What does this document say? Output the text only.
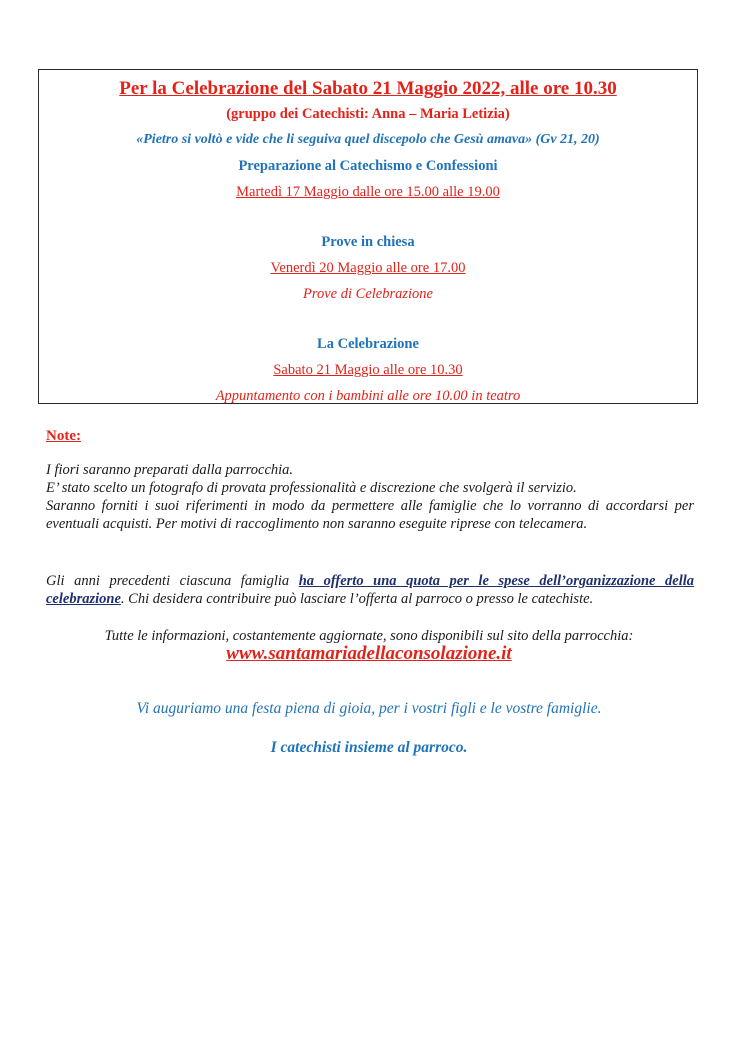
Per la Celebrazione del Sabato 21 Maggio 2022, alle ore 10.30

(gruppo dei Catechisti: Anna – Maria Letizia)

«Pietro si voltò e vide che li seguiva quel discepolo che Gesù amava» (Gv 21, 20)

Preparazione al Catechismo e Confessioni

Martedì 17 Maggio dalle ore 15.00 alle 19.00

Prove in chiesa

Venerdì 20 Maggio alle ore 17.00

Prove di Celebrazione

La Celebrazione

Sabato 21 Maggio alle ore 10.30

Appuntamento con i bambini alle ore 10.00 in teatro

Note:

I fiori saranno preparati dalla parrocchia.

E’ stato scelto un fotografo di provata professionalità e discrezione che svolgerà il servizio.

Saranno forniti i suoi riferimenti in modo da permettere alle famiglie che lo vorranno di accordarsi per eventuali acquisti. Per motivi di raccoglimento non saranno eseguite riprese con telecamera.

Gli anni precedenti ciascuna famiglia ha offerto una quota per le spese dell’organizzazione della celebrazione. Chi desidera contribuire può lasciare l’offerta al parroco o presso le catechiste.

Tutte le informazioni, costantemente aggiornate, sono disponibili sul sito della parrocchia:

www.santamariadellaconsolazione.it

Vi auguriamo una festa piena di gioia, per i vostri figli e le vostre famiglie.

I catechisti insieme al parroco.
